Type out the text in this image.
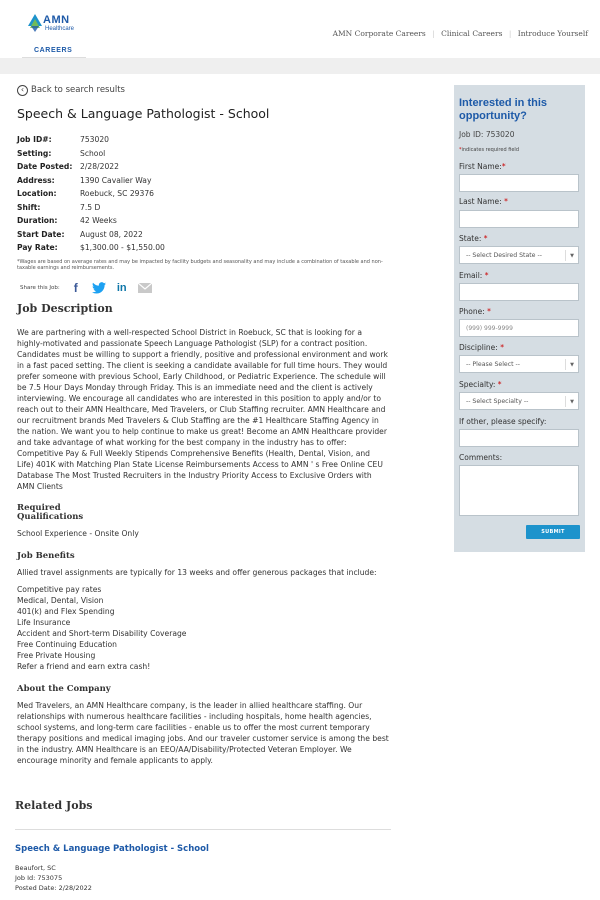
AMN
Healthcare
CAREERS
AMN Corporate Careers | Clinical Careers | Introduce Yourself
‹ Back to search results
Speech & Language Pathologist - School
Job ID#:	753020
Setting:	School
Date Posted: 2/28/2022
Address:	1390 Cavalier Way
Location:	Roebuck, SC 29376
Shift:	7.5 D
Duration:	42 Weeks
Start Date:	August 08, 2022
Pay Rate:	$1,300.00 - $1,550.00
*Wages are based on average rates and may be impacted by facility budgets and seasonality and may include a combination of taxable and non-taxable earnings and reimbursements.
Share this Job:	f	in
Job Description

We are partnering with a well-respected School District in Roebuck, SC that is looking for a highly-motivated and passionate Speech Language Pathologist (SLP) for a contract position. Candidates must be willing to support a friendly, positive and professional environment and work in a fast paced setting. The client is seeking a candidate available for full time hours. They would prefer someone with previous School, Early Childhood, or Pediatric Experience. The schedule will be 7.5 Hour Days Monday through Friday. This is an immediate need and the client is actively interviewing. We encourage all candidates who are interested in this position to apply and/or to reach out to their AMN Healthcare, Med Travelers, or Club Staffing recruiter. AMN Healthcare and our recruitment brands Med Travelers & Club Staffing are the #1 Healthcare Staffing Agency in the nation. We want you to help continue to make us great! Become an AMN Healthcare provider and take advantage of what working for the best company in the industry has to offer: Competitive Pay & Full Weekly Stipends Comprehensive Benefits (Health, Dental, Vision, and Life) 401K with Matching Plan State License Reimbursements Access to AMN ' s Free Online CEU Database The Most Trusted Recruiters in the Industry Priority Access to Exclusive Orders with AMN Clients

Required Qualifications

School Experience - Onsite Only

Job Benefits

Allied travel assignments are typically for 13 weeks and offer generous packages that include:

Competitive pay rates
Medical, Dental, Vision
401(k) and Flex Spending
Life Insurance
Accident and Short-term Disability Coverage
Free Continuing Education
Free Private Housing
Refer a friend and earn extra cash!
About the Company

Med Travelers, an AMN Healthcare company, is the leader in allied healthcare staffing. Our relationships with numerous healthcare facilities - including hospitals, home health agencies, school systems, and long-term care facilities - enable us to offer the most current temporary therapy positions and medical imaging jobs. And our traveler customer service is among the best in the industry. AMN Healthcare is an EEO/AA/Disability/Protected Veteran Employer. We encourage minority and female applicants to apply.

Related Jobs
Speech & Language Pathologist - School
Beaufort, SC
Job Id: 753075
Posted Date: 2/28/2022
Interested in this opportunity?
Job ID: 753020
*indicates required field
First Name:*
Last Name: *
State: *
-- Select Desired State --	▼
Email: *
Phone: *
(999) 999-9999
Discipline: *
-- Please Select --	▼
Specialty: *
-- Select Specialty --	▼
If other, please specify:
Comments:
SUBMIT
